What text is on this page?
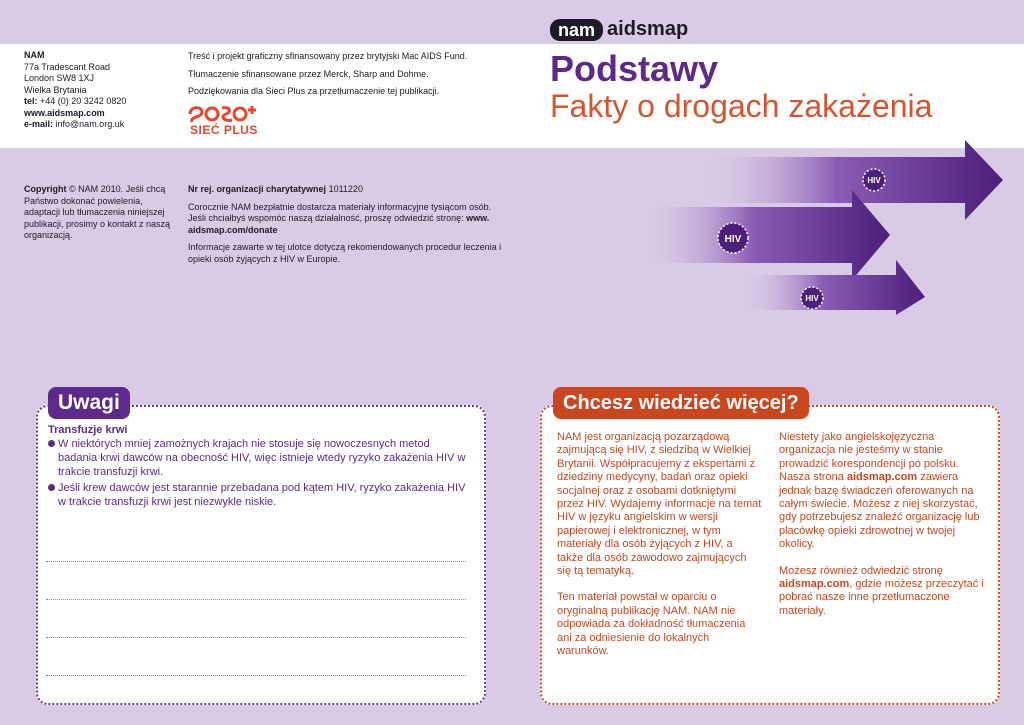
NAM
77a Tradescant Road
London SW8 1XJ
Wielka Brytania
tel: +44 (0) 20 3242 0820
www.aidsmap.com
e-mail: info@nam.org.uk

Treść i projekt graficzny sfinansowany przez brytyjski Mac AIDS Fund.

Tłumaczenie sfinansowane przez Merck, Sharp and Dohme.

Podziękowania dla Sieci Plus za przetłumaczenie tej publikacji.

SIEĆ PLUS
nam aidsmap
Podstawy
Fakty o drogach zakażenia
Copyright © NAM 2010. Jeśli chcą Państwo dokonać powielenia, adaptacji lub tłumaczenia niniejszej publikacji, prosimy o kontakt z naszą organizacją.

Nr rej. organizacji charytatywnej 1011220

Corocznie NAM bezpłatnie dostarcza materiały informacyjne tysiącom osób. Jeśli chciałbyś wspomóc naszą działalność, proszę odwiedzić stronę: www. aidsmap.com/donate

Informacje zawarte w tej ulotce dotyczą rekomendowanych procedur leczenia i opieki osób żyjących z HIV w Europie.

HIV
HIV
HIV
Uwagi
Transfuzje krwi
W niektórych mniej zamożnych krajach nie stosuje się nowoczesnych metod badania krwi dawców na obecność HIV, więc istnieje wtedy ryzyko zakażenia HIV w trakcie transfuzji krwi.
Jeśli krew dawców jest starannie przebadana pod kątem HIV, ryzyko zakażenia HIV w trakcie transfuzji krwi jest niezwykle niskie.
Chcesz wiedzieć więcej?

NAM jest organizacją pozarządową zajmującą się HIV, z siedzibą w Wielkiej Brytanii. Współpracujemy z ekspertami z dziedziny medycyny, badań oraz opieki socjalnej oraz z osobami dotkniętymi przez HIV. Wydajemy informacje na temat HIV w języku angielskim w wersji papierowej i elektronicznej, w tym materiały dla osób żyjących z HIV, a także dla osób zawodowo zajmujących się tą tematyką.

Ten materiał powstał w oparciu o oryginalną publikację NAM. NAM nie odpowiada za dokładność tłumaczenia ani za odniesienie do lokalnych warunków.

Niestety jako angielskojęzyczna organizacja nie jesteśmy w stanie prowadzić korespondencji po polsku. Nasza strona aidsmap.com zawiera jednak bazę świadczeń oferowanych na całym świecie. Możesz z niej skorzystać, gdy potrzebujesz znaleźć organizację lub placówkę opieki zdrowotnej w twojej okolicy.

Możesz również odwiedzić stronę aidsmap.com, gdzie możesz przeczytać i pobrać nasze inne przetłumaczone materiały.
